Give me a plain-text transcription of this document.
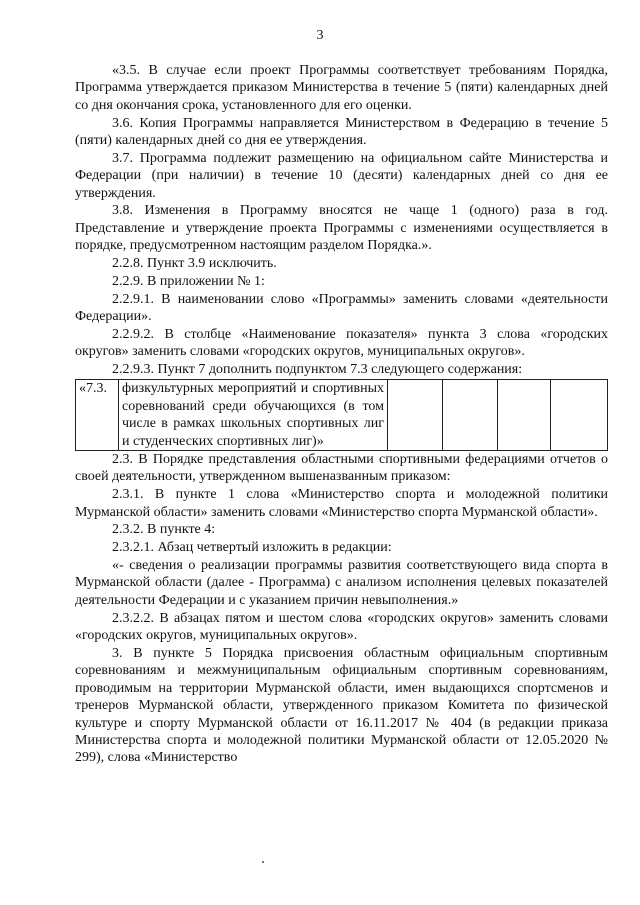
3

«3.5. В случае если проект Программы соответствует требованиям Порядка, Программа утверждается приказом Министерства в течение 5 (пяти) календарных дней со дня окончания срока, установленного для его оценки.

3.6. Копия Программы направляется Министерством в Федерацию в течение 5 (пяти) календарных дней со дня ее утверждения.

3.7. Программа подлежит размещению на официальном сайте Министерства и Федерации (при наличии) в течение 10 (десяти) календарных дней со дня ее утверждения.

3.8. Изменения в Программу вносятся не чаще 1 (одного) раза в год. Представление и утверждение проекта Программы с изменениями осуществляется в порядке, предусмотренном настоящим разделом Порядка.».

2.2.8. Пункт 3.9 исключить.

2.2.9. В приложении № 1:

2.2.9.1. В наименовании слово «Программы» заменить словами «деятельности Федерации».

2.2.9.2. В столбце «Наименование показателя» пункта 3 слова «городских округов» заменить словами «городских округов, муниципальных округов».

2.2.9.3. Пункт 7 дополнить подпунктом 7.3 следующего содержания:

«7.3.	физкультурных мероприятий и спортивных соревнований среди обучающихся (в том числе в рамках школьных спортивных лиг и студенческих спортивных лиг)»				

2.3. В Порядке представления областными спортивными федерациями отчетов о своей деятельности, утвержденном вышеназванным приказом:

2.3.1. В пункте 1 слова «Министерство спорта и молодежной политики Мурманской области» заменить словами «Министерство спорта Мурманской области».

2.3.2. В пункте 4:

2.3.2.1. Абзац четвертый изложить в редакции:

«- сведения о реализации программы развития соответствующего вида спорта в Мурманской области (далее - Программа) с анализом исполнения целевых показателей деятельности Федерации и с указанием причин невыполнения.»

2.3.2.2. В абзацах пятом и шестом слова «городских округов» заменить словами «городских округов, муниципальных округов».

3. В пункте 5 Порядка присвоения областным официальным спортивным соревнованиям и межмуниципальным официальным спортивным соревнованиям, проводимым на территории Мурманской области, имен выдающихся спортсменов и тренеров Мурманской области, утвержденного приказом Комитета по физической культуре и спорту Мурманской области от 16.11.2017 № 404 (в редакции приказа Министерства спорта и молодежной политики Мурманской области от 12.05.2020 № 299), слова «Министерство
